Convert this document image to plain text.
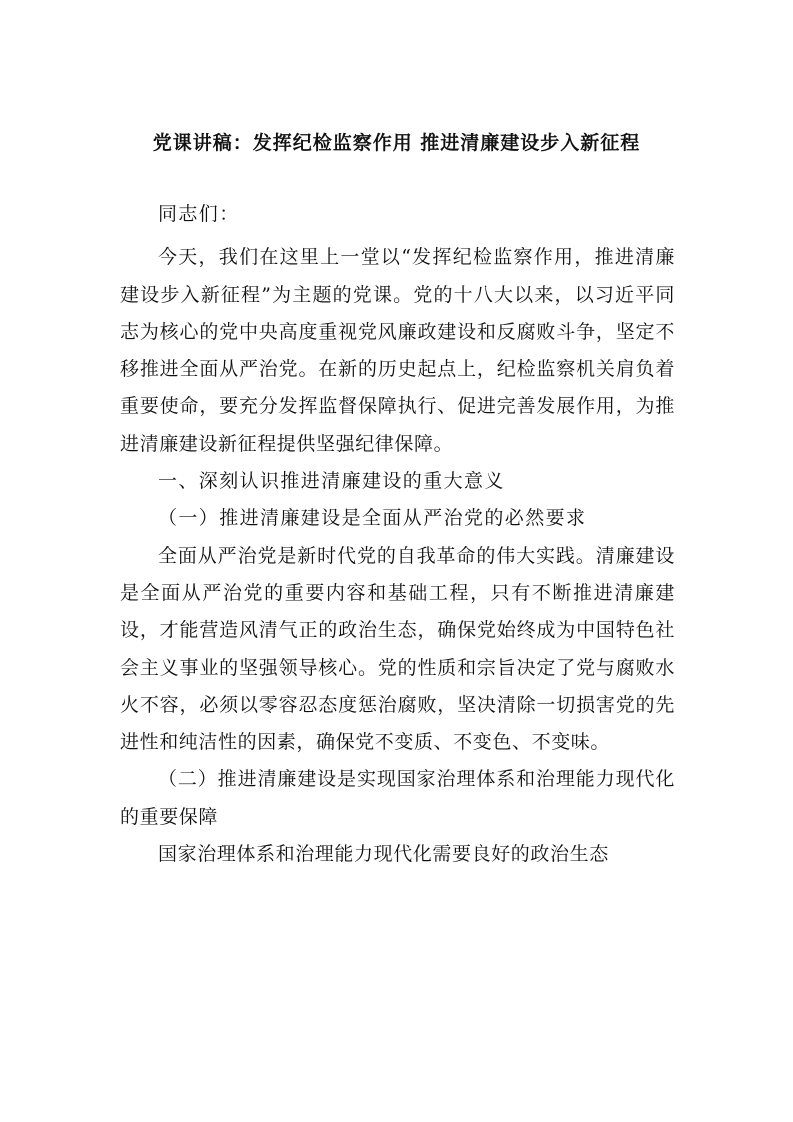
党课讲稿：发挥纪检监察作用 推进清廉建设步入新征程

同志们：

今天，我们在这里上一堂以“发挥纪检监察作用，推进清廉建设步入新征程”为主题的党课。党的十八大以来，以习近平同志为核心的党中央高度重视党风廉政建设和反腐败斗争，坚定不移推进全面从严治党。在新的历史起点上，纪检监察机关肩负着重要使命，要充分发挥监督保障执行、促进完善发展作用，为推进清廉建设新征程提供坚强纪律保障。

一、深刻认识推进清廉建设的重大意义

（一）推进清廉建设是全面从严治党的必然要求

全面从严治党是新时代党的自我革命的伟大实践。清廉建设是全面从严治党的重要内容和基础工程，只有不断推进清廉建设，才能营造风清气正的政治生态，确保党始终成为中国特色社会主义事业的坚强领导核心。党的性质和宗旨决定了党与腐败水火不容，必须以零容忍态度惩治腐败，坚决清除一切损害党的先进性和纯洁性的因素，确保党不变质、不变色、不变味。

（二）推进清廉建设是实现国家治理体系和治理能力现代化的重要保障

国家治理体系和治理能力现代化需要良好的政治生态
